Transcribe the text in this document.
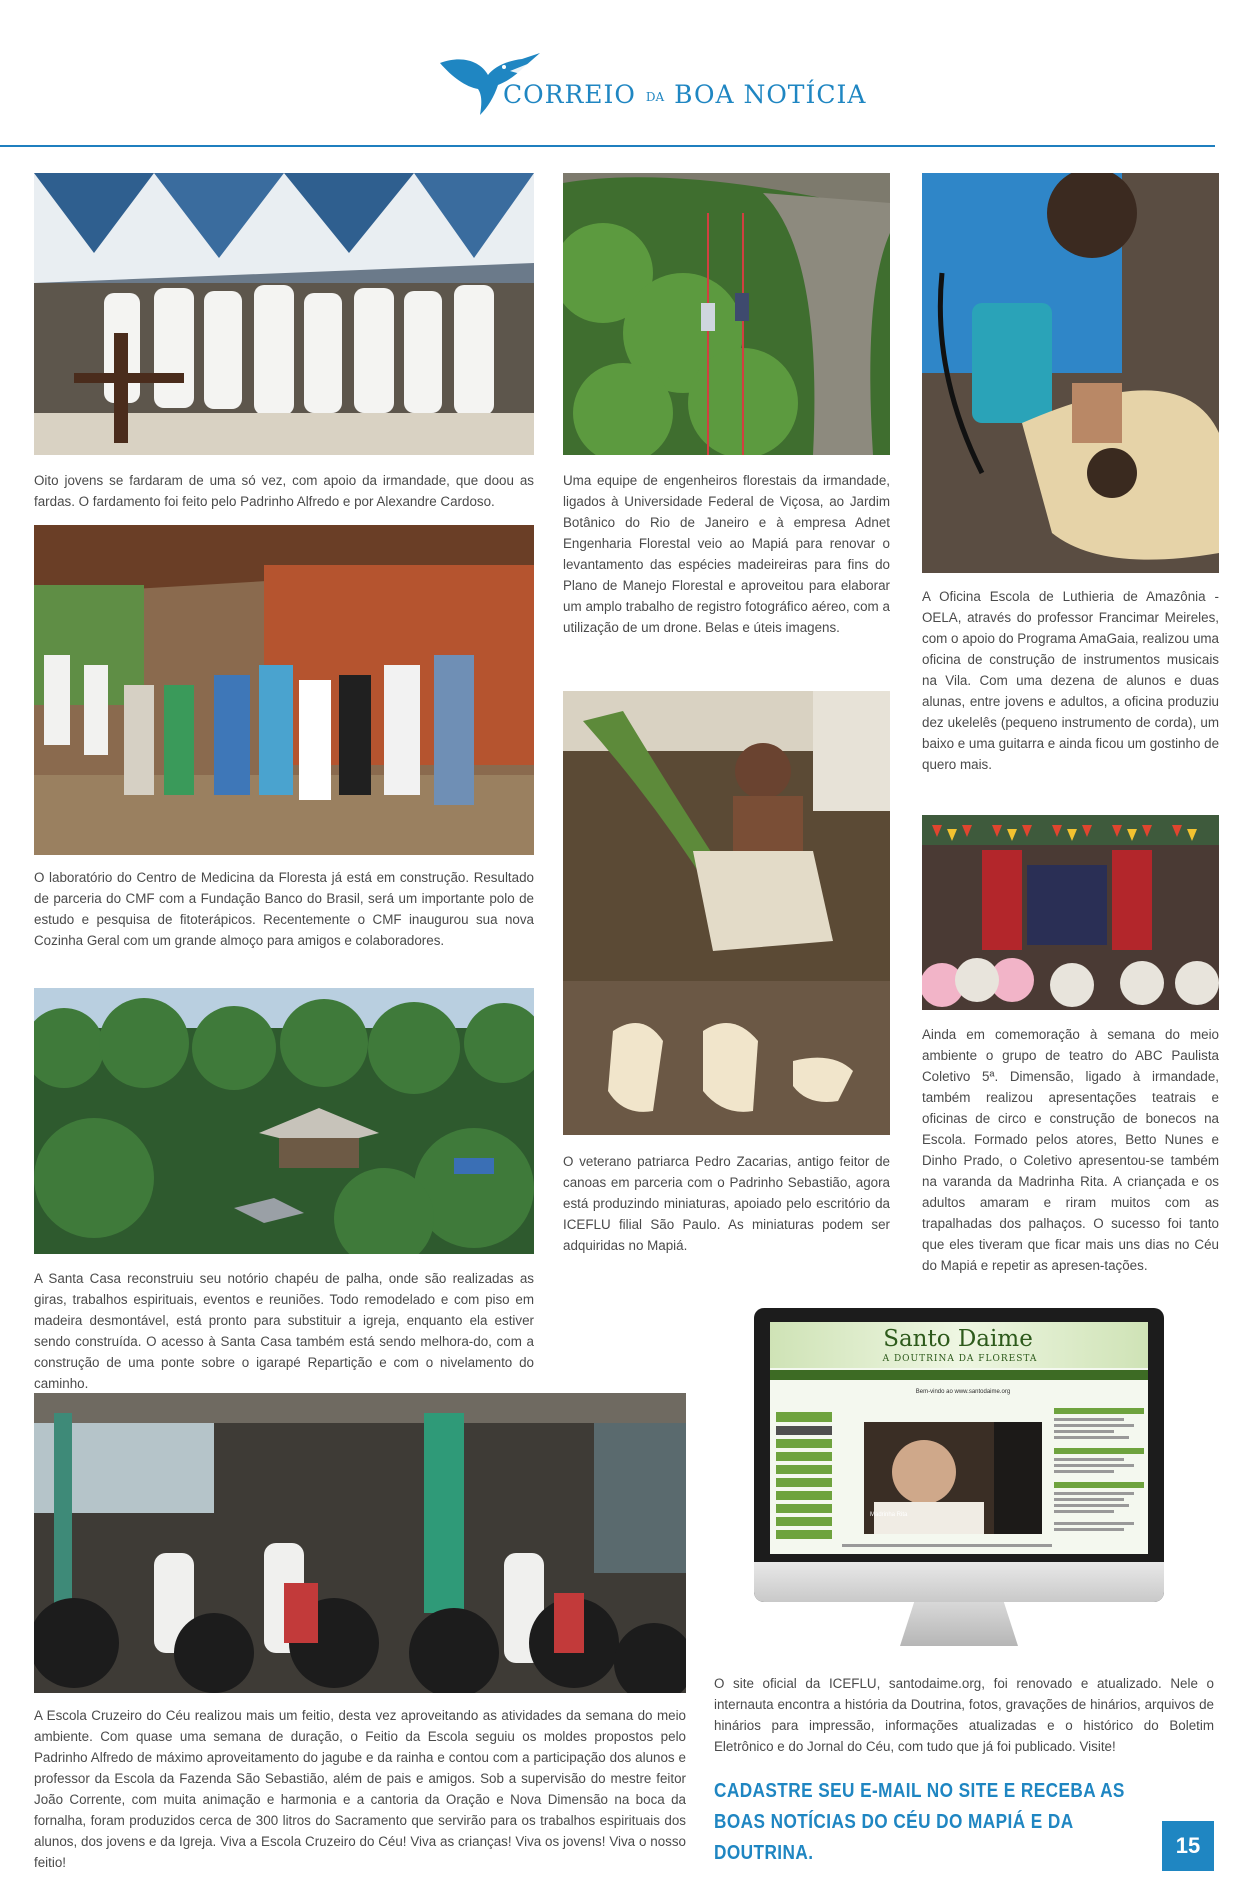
CORREIO DA BOA NOTÍCIA
Oito jovens se fardaram de uma só vez, com apoio da irmandade, que doou as fardas. O fardamento foi feito pelo Padrinho Alfredo e por Alexandre Cardoso.
O laboratório do Centro de Medicina da Floresta já está em construção. Resultado de parceria do CMF com a Fundação Banco do Brasil, será um importante polo de estudo e pesquisa de fitoterápicos. Recentemente o CMF inaugurou sua nova Cozinha Geral com um grande almoço para amigos e colaboradores.
A Santa Casa reconstruiu seu notório chapéu de palha, onde são realizadas as giras, trabalhos espirituais, eventos e reuniões. Todo remodelado e com piso em madeira desmontável, está pronto para substituir a igreja, enquanto ela estiver sendo construída. O acesso à Santa Casa também está sendo melhora-do, com a construção de uma ponte sobre o igarapé Repartição e com o nivelamento do caminho.
Uma equipe de engenheiros florestais da irmandade, ligados à Universidade Federal de Viçosa, ao Jardim Botânico do Rio de Janeiro e à empresa Adnet Engenharia Florestal veio ao Mapiá para renovar o levantamento das espécies madeireiras para fins do Plano de Manejo Florestal e aproveitou para elaborar um amplo trabalho de registro fotográfico aéreo, com a utilização de um drone. Belas e úteis imagens.
O veterano patriarca Pedro Zacarias, antigo feitor de canoas em parceria com o Padrinho Sebastião, agora está produzindo miniaturas, apoiado pelo escritório da ICEFLU filial São Paulo. As miniaturas podem ser adquiridas no Mapiá.
A Oficina Escola de Luthieria de Amazônia - OELA, através do professor Francimar Meireles, com o apoio do Programa AmaGaia, realizou uma oficina de construção de instrumentos musicais na Vila. Com uma dezena de alunos e duas alunas, entre jovens e adultos, a oficina produziu dez ukelelês (pequeno instrumento de corda), um baixo e uma guitarra e ainda ficou um gostinho de quero mais.
Ainda em comemoração à semana do meio ambiente o grupo de teatro do ABC Paulista Coletivo 5ª. Dimensão, ligado à irmandade, também realizou apresentações teatrais e oficinas de circo e construção de bonecos na Escola. Formado pelos atores, Betto Nunes e Dinho Prado, o Coletivo apresentou-se também na varanda da Madrinha Rita. A criançada e os adultos amaram e riram muitos com as trapalhadas dos palhaços. O sucesso foi tanto que eles tiveram que ficar mais uns dias no Céu do Mapiá e repetir as apresen-tações.
Santo Daime
A DOUTRINA DA FLORESTA
Bem-vindo ao www.santodaime.org
Madrinha Rita
O site oficial da ICEFLU, santodaime.org, foi renovado e atualizado. Nele o internauta encontra a história da Doutrina, fotos, gravações de hinários, arquivos de hinários para impressão, informações atualizadas e o histórico do Boletim Eletrônico e do Jornal do Céu, com tudo que já foi publicado. Visite!
A Escola Cruzeiro do Céu realizou mais um feitio, desta vez aproveitando as atividades da semana do meio ambiente. Com quase uma semana de duração, o Feitio da Escola seguiu os moldes propostos pelo Padrinho Alfredo de máximo aproveitamento do jagube e da rainha e contou com a participação dos alunos e professor da Escola da Fazenda São Sebastião, além de pais e amigos. Sob a supervisão do mestre feitor João Corrente, com muita animação e harmonia e a cantoria da Oração e Nova Dimensão na boca da fornalha, foram produzidos cerca de 300 litros do Sacramento que servirão para os trabalhos espirituais dos alunos, dos jovens e da Igreja. Viva a Escola Cruzeiro do Céu! Viva as crianças! Viva os jovens! Viva o nosso feitio!
CADASTRE SEU E-MAIL NO SITE E RECEBA AS BOAS NOTÍCIAS DO CÉU DO MAPIÁ E DA DOUTRINA.	15
